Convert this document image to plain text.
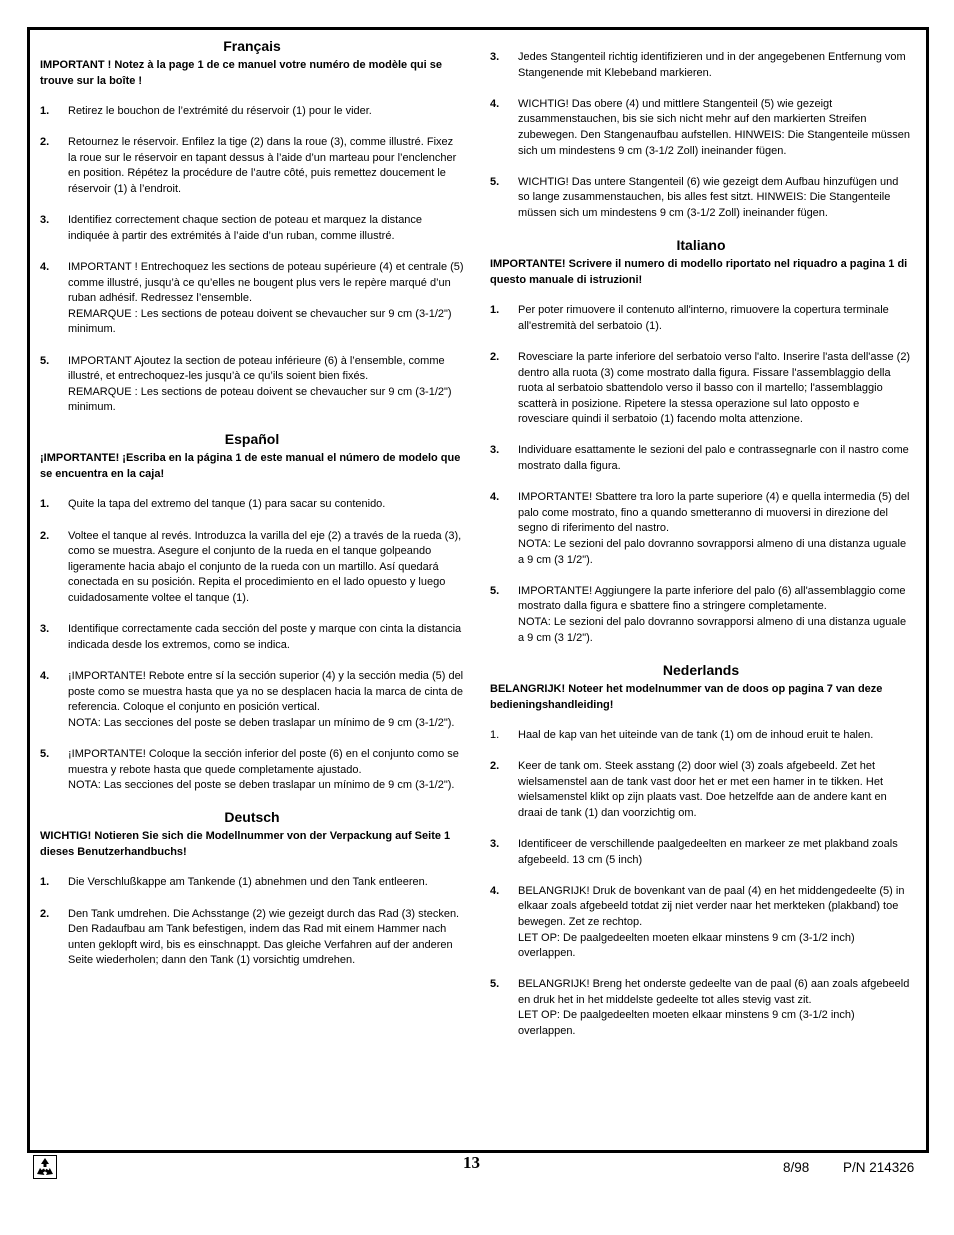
Français
IMPORTANT ! Notez à la page 1 de ce manuel votre numéro de modèle qui se trouve sur la boîte !
1.	Retirez le bouchon de l’extrémité du réservoir (1) pour le vider.
2.	Retournez le réservoir. Enfilez la tige (2) dans la roue (3), comme illustré. Fixez la roue sur le réservoir en tapant dessus à l’aide d’un marteau pour l’enclencher en position. Répétez la procédure de l’autre côté, puis remettez doucement le réservoir (1) à l’endroit.
3.	Identifiez correctement chaque section de poteau et marquez la distance indiquée à partir des extrémités à l’aide d’un ruban, comme illustré.
4.	IMPORTANT ! Entrechoquez les sections de poteau supérieure (4) et centrale (5) comme illustré, jusqu’à ce qu’elles ne bougent plus vers le repère marqué d’un ruban adhésif. Redressez l’ensemble.
REMARQUE : Les sections de poteau doivent se chevaucher sur 9 cm (3-1/2") minimum.
5.	IMPORTANT Ajoutez la section de poteau inférieure (6) à l’ensemble, comme illustré, et entrechoquez-les jusqu’à ce qu’ils soient bien fixés.
REMARQUE : Les sections de poteau doivent se chevaucher sur 9 cm (3-1/2") minimum.
Español
¡IMPORTANTE! ¡Escriba en la página 1 de este manual el número de modelo que se encuentra en la caja!
1.	Quite la tapa del extremo del tanque (1) para sacar su contenido.
2.	Voltee el tanque al revés. Introduzca la varilla del eje (2) a través de la rueda (3), como se muestra. Asegure el conjunto de la rueda en el tanque golpeando ligeramente hacia abajo el conjunto de la rueda con un martillo. Así quedará conectada en su posición. Repita el procedimiento en el lado opuesto y luego cuidadosamente voltee el tanque (1).
3.	Identifique correctamente cada sección del poste y marque con cinta la distancia indicada desde los extremos, como se indica.
4.	¡IMPORTANTE! Rebote entre sí la sección superior (4) y la sección media (5) del poste como se muestra hasta que ya no se desplacen hacia la marca de cinta de referencia. Coloque el conjunto en posición vertical.
NOTA: Las secciones del poste se deben traslapar un mínimo de 9 cm (3-1/2").
5.	¡IMPORTANTE! Coloque la sección inferior del poste (6) en el conjunto como se muestra y rebote hasta que quede completamente ajustado.
NOTA: Las secciones del poste se deben traslapar un mínimo de 9 cm (3-1/2").
Deutsch
WICHTIG! Notieren Sie sich die Modellnummer von der Verpackung auf Seite 1 dieses Benutzerhandbuchs!
1.	Die Verschlußkappe am Tankende (1) abnehmen und den Tank entleeren.
2.	Den Tank umdrehen. Die Achsstange (2) wie gezeigt durch das Rad (3) stecken. Den Radaufbau am Tank befestigen, indem das Rad mit einem Hammer nach unten geklopft wird, bis es einschnappt. Das gleiche Verfahren auf der anderen Seite wiederholen; dann den Tank (1) vorsichtig umdrehen.
3.	Jedes Stangenteil richtig identifizieren und in der angegebenen Entfernung vom Stangenende mit Klebeband markieren.
4.	WICHTIG! Das obere (4) und mittlere Stangenteil (5) wie gezeigt zusammenstauchen, bis sie sich nicht mehr auf den markierten Streifen zubewegen. Den Stangenaufbau aufstellen. HINWEIS: Die Stangenteile müssen sich um mindestens 9 cm (3-1/2 Zoll) ineinander fügen.
5.	WICHTIG! Das untere Stangenteil (6) wie gezeigt dem Aufbau hinzufügen und so lange zusammenstauchen, bis alles fest sitzt. HINWEIS: Die Stangenteile müssen sich um mindestens 9 cm (3-1/2 Zoll) ineinander fügen.
Italiano
IMPORTANTE! Scrivere il numero di modello riportato nel riquadro a pagina 1 di questo manuale di istruzioni!
1.	Per poter rimuovere il contenuto all'interno, rimuovere la copertura terminale all'estremità del serbatoio (1).
2.	Rovesciare la parte inferiore del serbatoio verso l'alto. Inserire l'asta dell'asse (2) dentro alla ruota (3) come mostrato dalla figura. Fissare l'assemblaggio della ruota al serbatoio sbattendolo verso il basso con il martello; l'assemblaggio scatterà in posizione. Ripetere la stessa operazione sul lato opposto e rovesciare quindi il serbatoio (1) facendo molta attenzione.
3.	Individuare esattamente le sezioni del palo e contrassegnarle con il nastro come mostrato dalla figura.
4.	IMPORTANTE! Sbattere tra loro la parte superiore (4) e quella intermedia (5) del palo come mostrato, fino a quando smetteranno di muoversi in direzione del segno di riferimento del nastro.
NOTA: Le sezioni del palo dovranno sovrapporsi almeno di una distanza uguale a 9 cm (3 1/2").
5.	IMPORTANTE! Aggiungere la parte inferiore del palo (6) all'assemblaggio come mostrato dalla figura e sbattere fino a stringere completamente.
NOTA: Le sezioni del palo dovranno sovrapporsi almeno di una distanza uguale a 9 cm (3 1/2").
Nederlands
BELANGRIJK! Noteer het modelnummer van de doos op pagina 7 van deze bedieningshandleiding!
1.	Haal de kap van het uiteinde van de tank (1) om de inhoud eruit te halen.
2.	Keer de tank om. Steek asstang (2) door wiel (3) zoals afgebeeld. Zet het wielsamenstel aan de tank vast door het er met een hamer in te tikken. Het wielsamenstel klikt op zijn plaats vast. Doe hetzelfde aan de andere kant en draai de tank (1) dan voorzichtig om.
3.	Identificeer de verschillende paalgedeelten en markeer ze met plakband zoals afgebeeld. 13 cm (5 inch)
4.	BELANGRIJK! Druk de bovenkant van de paal (4) en het middengedeelte (5) in elkaar zoals afgebeeld totdat zij niet verder naar het merkteken (plakband) toe bewegen. Zet ze rechtop.
LET OP: De paalgedeelten moeten elkaar minstens 9 cm (3-1/2 inch) overlappen.
5.	BELANGRIJK! Breng het onderste gedeelte van de paal (6) aan zoals afgebeeld en druk het in het middelste gedeelte tot alles stevig vast zit.
LET OP: De paalgedeelten moeten elkaar minstens 9 cm (3-1/2 inch) overlappen.
13	8/98 P/N 214326
